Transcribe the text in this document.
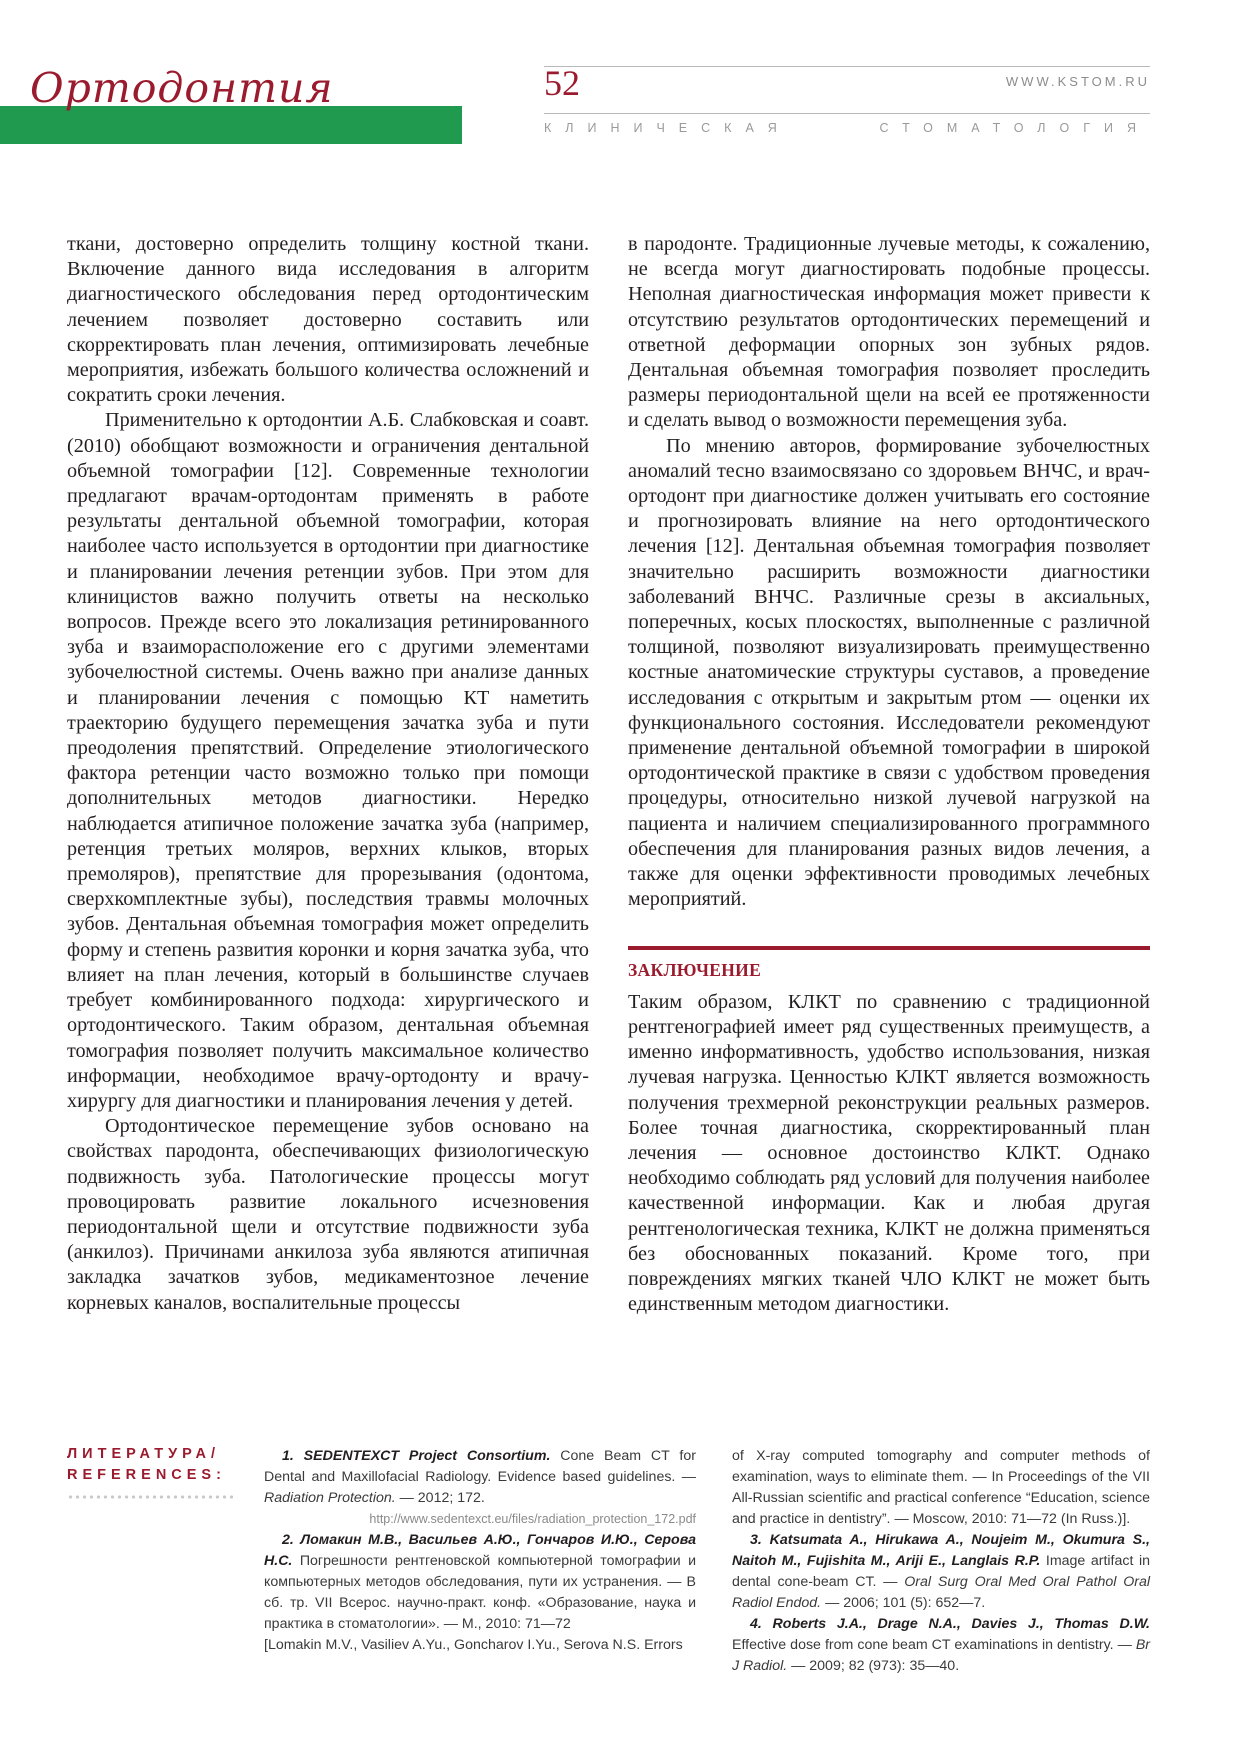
Ортодонтия	52	WWW.KSTOM.RU
КЛИНИЧЕСКАЯ	СТОМАТОЛОГИЯ

ткани, достоверно определить толщину костной ткани. Включение данного вида исследования в алгоритм диагностического обследования перед ортодонтическим лечением позволяет достоверно составить или скорректировать план лечения, оптимизировать лечебные мероприятия, избежать большого количества осложнений и сократить сроки лечения.

Применительно к ортодонтии А.Б. Слабковская и соавт. (2010) обобщают возможности и ограничения дентальной объемной томографии [12]. Современные технологии предлагают врачам-ортодонтам применять в работе результаты дентальной объемной томографии, которая наиболее часто используется в ортодонтии при диагностике и планировании лечения ретенции зубов. При этом для клиницистов важно получить ответы на несколько вопросов. Прежде всего это локализация ретинированного зуба и взаиморасположение его с другими элементами зубочелюстной системы. Очень важно при анализе данных и планировании лечения с помощью КТ наметить траекторию будущего перемещения зачатка зуба и пути преодоления препятствий. Определение этиологического фактора ретенции часто возможно только при помощи дополнительных методов диагностики. Нередко наблюдается атипичное положение зачатка зуба (например, ретенция третьих моляров, верхних клыков, вторых премоляров), препятствие для прорезывания (одонтома, сверхкомплектные зубы), последствия травмы молочных зубов. Дентальная объемная томография может определить форму и степень развития коронки и корня зачатка зуба, что влияет на план лечения, который в большинстве случаев требует комбинированного подхода: хирургического и ортодонтического. Таким образом, дентальная объемная томография позволяет получить максимальное количество информации, необходимое врачу-ортодонту и врачу-хирургу для диагностики и планирования лечения у детей.

Ортодонтическое перемещение зубов основано на свойствах пародонта, обеспечивающих физиологическую подвижность зуба. Патологические процессы могут провоцировать развитие локального исчезновения периодонтальной щели и отсутствие подвижности зуба (анкилоз). Причинами анкилоза зуба являются атипичная закладка зачатков зубов, медикаментозное лечение корневых каналов, воспалительные процессы

в пародонте. Традиционные лучевые методы, к сожалению, не всегда могут диагностировать подобные процессы. Неполная диагностическая информация может привести к отсутствию результатов ортодонтических перемещений и ответной деформации опорных зон зубных рядов. Дентальная объемная томография позволяет проследить размеры периодонтальной щели на всей ее протяженности и сделать вывод о возможности перемещения зуба.

По мнению авторов, формирование зубочелюстных аномалий тесно взаимосвязано со здоровьем ВНЧС, и врач-ортодонт при диагностике должен учитывать его состояние и прогнозировать влияние на него ортодонтического лечения [12]. Дентальная объемная томография позволяет значительно расширить возможности диагностики заболеваний ВНЧС. Различные срезы в аксиальных, поперечных, косых плоскостях, выполненные с различной толщиной, позволяют визуализировать преимущественно костные анатомические структуры суставов, а проведение исследования с открытым и закрытым ртом — оценки их функционального состояния. Исследователи рекомендуют применение дентальной объемной томографии в широкой ортодонтической практике в связи с удобством проведения процедуры, относительно низкой лучевой нагрузкой на пациента и наличием специализированного программного обеспечения для планирования разных видов лечения, а также для оценки эффективности проводимых лечебных мероприятий.

ЗАКЛЮЧЕНИЕ

Таким образом, КЛКТ по сравнению с традиционной рентгенографией имеет ряд существенных преимуществ, а именно информативность, удобство использования, низкая лучевая нагрузка. Ценностью КЛКТ является возможность получения трехмерной реконструкции реальных размеров. Более точная диагностика, скорректированный план лечения — основное достоинство КЛКТ. Однако необходимо соблюдать ряд условий для получения наиболее качественной информации. Как и любая другая рентгенологическая техника, КЛКТ не должна применяться без обоснованных показаний. Кроме того, при повреждениях мягких тканей ЧЛО КЛКТ не может быть единственным методом диагностики.

ЛИТЕРАТУРА/
REFERENCES:

1. SEDENTEXCT Project Consortium. Cone Beam CT for Dental and Maxillofacial Radiology. Evidence based guidelines. — Radiation Protection. — 2012; 172.

http://www.sedentexct.eu/files/radiation_protection_172.pdf

2. Ломакин М.В., Васильев А.Ю., Гончаров И.Ю., Серова Н.С. Погрешности рентгеновской компьютерной томографии и компьютерных методов обследования, пути их устранения. — В сб. тр. VII Всерос. научно-практ. конф. «Образование, наука и практика в стоматологии». — М., 2010: 71—72

[Lomakin M.V., Vasiliev A.Yu., Goncharov I.Yu., Serova N.S. Errors

of X-ray computed tomography and computer methods of examination, ways to eliminate them. — In Proceedings of the VII All-Russian scientific and practical conference “Education, science and practice in dentistry”. — Moscow, 2010: 71—72 (In Russ.)].

3. Katsumata A., Hirukawa A., Noujeim M., Okumura S., Naitoh M., Fujishita M., Ariji E., Langlais R.P. Image artifact in dental cone-beam CT. — Oral Surg Oral Med Oral Pathol Oral Radiol Endod. — 2006; 101 (5): 652—7.

4. Roberts J.A., Drage N.A., Davies J., Thomas D.W. Effective dose from cone beam CT examinations in dentistry. — Br J Radiol. — 2009; 82 (973): 35—40.
